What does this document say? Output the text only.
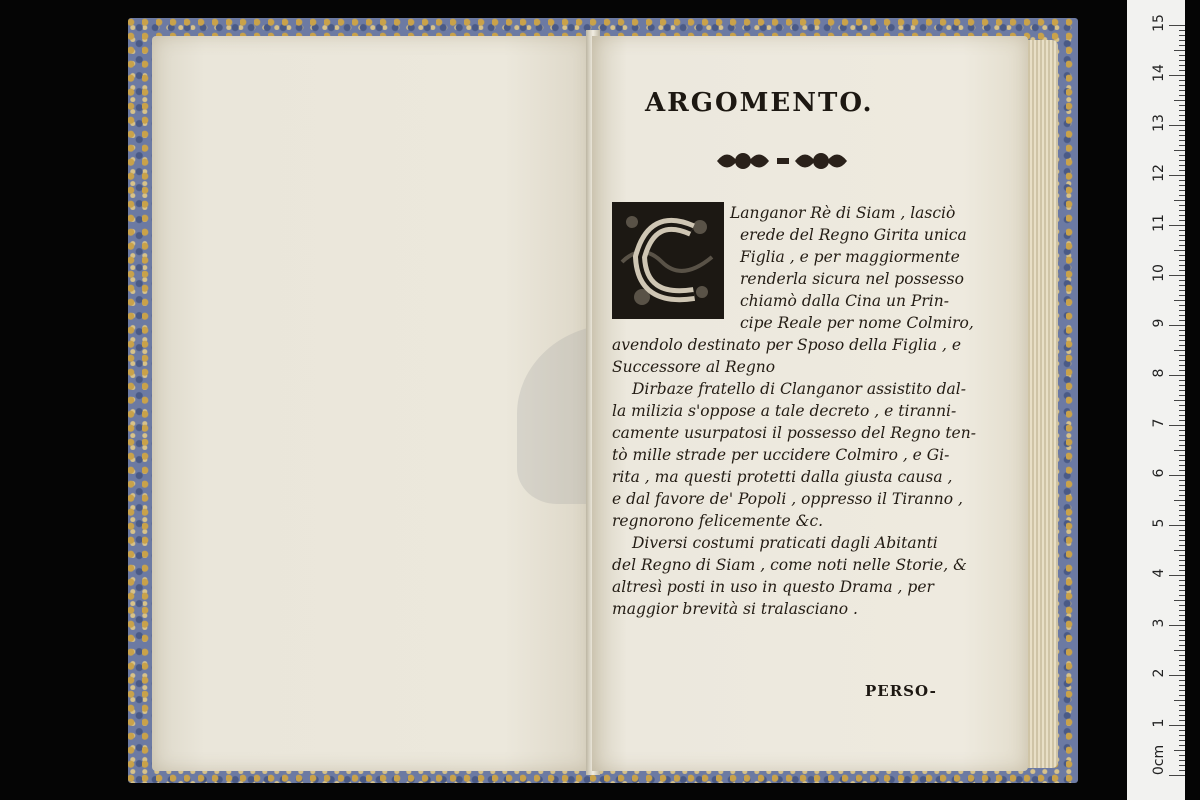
ARGOMENTO.
Langanor Rè di Siam , lasciò
erede del Regno Girita unica
Figlia , e per maggiormente
renderla sicura nel possesso
chiamò dalla Cina un Prin-
cipe Reale per nome Colmiro,
avendolo destinato per Sposo della Figlia , e
Successore al Regno
Dirbaze fratello di Clanganor assistito dal-
la milizia s'oppose a tale decreto , e tiranni-
camente usurpatosi il possesso del Regno ten-
tò mille strade per uccidere Colmiro , e Gi-
rita , ma questi protetti dalla giusta causa ,
e dal favore de' Popoli , oppresso il Tiranno ,
regnorono felicemente &c.
Diversi costumi praticati dagli Abitanti
del Regno di Siam , come noti nelle Storie, &
altresì posti in uso in questo Drama , per
maggior brevità si tralasciano .
PERSO-
0cm
1
2
3
4
5
6
7
8
9
10
11
12
13
14
15
